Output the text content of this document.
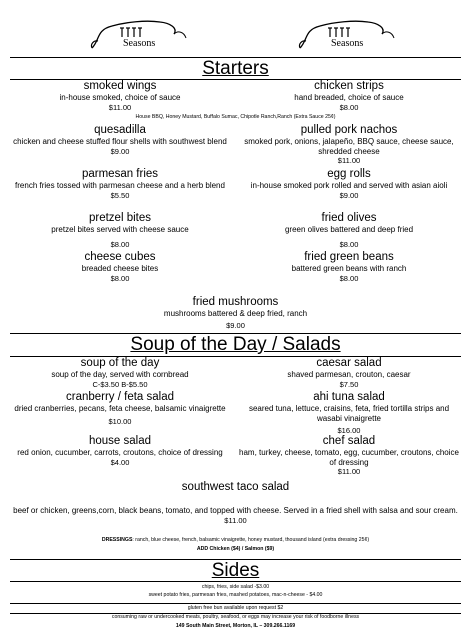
Seasons	Seasons
Starters
smoked wings
in-house smoked, choice of sauce
$11.00
chicken strips
hand breaded, choice of sauce
$8.00
House BBQ, Honey Mustard, Buffalo Sumac, Chipotle Ranch,Ranch (Extra Sauce 25¢)
quesadilla
chicken and cheese stuffed flour shells with southwest blend
$9.00
pulled pork nachos
smoked pork, onions, jalapeño, BBQ sauce, cheese sauce, shredded cheese
$11.00
parmesan fries
french fries tossed with parmesan cheese and a herb blend
$5.50
egg rolls
in-house smoked pork rolled and served with asian aioli
$9.00
pretzel bites
pretzel bites served with cheese sauce
$8.00
fried olives
green olives battered and deep fried
$8.00
cheese cubes
breaded cheese bites
$8.00
fried green beans
battered green beans with ranch
$8.00
fried mushrooms
mushrooms battered & deep fried, ranch
$9.00
Soup of the Day / Salads
soup of the day
soup of the day, served with cornbread
C-$3.50 B-$5.50
caesar salad
shaved parmesan, crouton, caesar
$7.50
cranberry / feta salad
dried cranberries, pecans, feta cheese, balsamic vinaigrette
$10.00
ahi tuna salad
seared tuna, lettuce, craisins, feta, fried tortilla strips and wasabi vinaigrette
$16.00
house salad
red onion, cucumber, carrots, croutons, choice of dressing
$4.00
chef salad
ham, turkey, cheese, tomato, egg, cucumber, croutons, choice of dressing
$11.00
southwest taco salad
beef or chicken, greens,corn, black beans, tomato, and topped with cheese. Served in a fried shell with salsa and sour cream.
$11.00
DRESSINGS: ranch, blue cheese, french, balsamic vinaigrette, honey mustard, thousand island (extra dressing 25¢)
ADD Chicken ($4) / Salmon ($9)
Sides
chips, fries, side salad -$3.00
sweet potato fries, parmesan fries, mashed potatoes, mac-n-cheese - $4.00
gluten free bun available upon request $2
consuming raw or undercooked meats, poultry, seafood, or eggs may increase your risk of foodborne illness
149 South Main Street, Morton, IL – 309.266.1169
